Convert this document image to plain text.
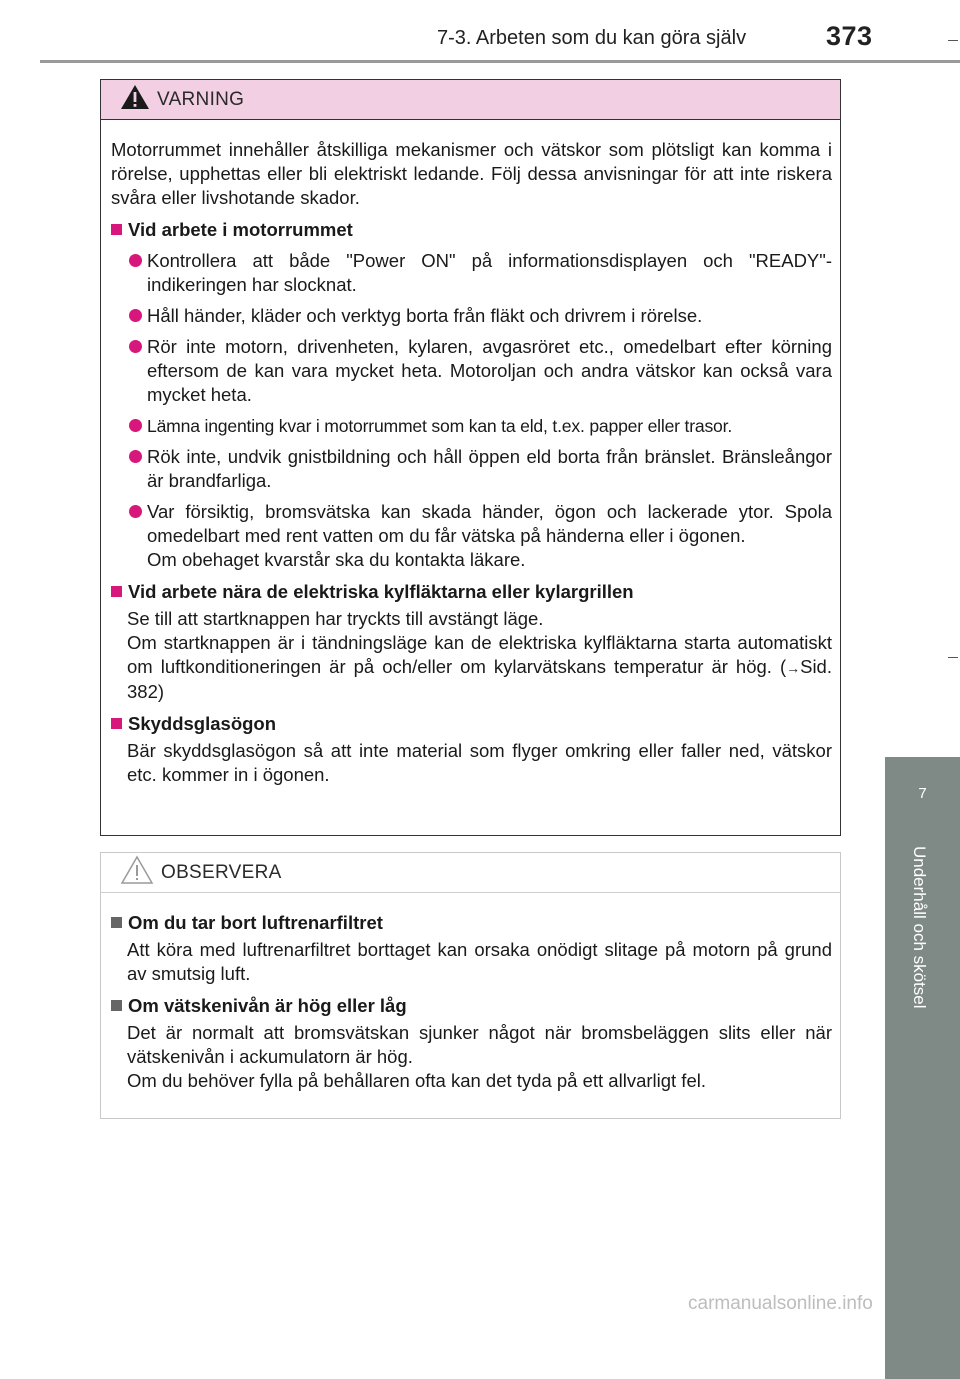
7-3. Arbeten som du kan göra själv	373
7
Underhåll och skötsel
VARNING

Motorrummet innehåller åtskilliga mekanismer och vätskor som plötsligt kan komma i rörelse, upphettas eller bli elektriskt ledande. Följ dessa anvisningar för att inte riskera svåra eller livshotande skador.

Vid arbete i motorrummet
Kontrollera att både "Power ON" på informationsdisplayen och "READY"-indikeringen har slocknat.
Håll händer, kläder och verktyg borta från fläkt och drivrem i rörelse.
Rör inte motorn, drivenheten, kylaren, avgasröret etc., omedelbart efter körning eftersom de kan vara mycket heta. Motoroljan och andra vätskor kan också vara mycket heta.
Lämna ingenting kvar i motorrummet som kan ta eld, t.ex. papper eller trasor.
Rök inte, undvik gnistbildning och håll öppen eld borta från bränslet. Bränsleångor är brandfarliga.
Var försiktig, bromsvätska kan skada händer, ögon och lackerade ytor. Spola omedelbart med rent vatten om du får vätska på händerna eller i ögonen.
Om obehaget kvarstår ska du kontakta läkare.
Vid arbete nära de elektriska kylfläktarna eller kylargrillen
Se till att startknappen har tryckts till avstängt läge.
Om startknappen är i tändningsläge kan de elektriska kylfläktarna starta automatiskt om luftkonditioneringen är på och/eller om kylarvätskans temperatur är hög. (→Sid. 382)
Skyddsglasögon
Bär skyddsglasögon så att inte material som flyger omkring eller faller ned, vätskor etc. kommer in i ögonen.
OBSERVERA
Om du tar bort luftrenarfiltret
Att köra med luftrenarfiltret borttaget kan orsaka onödigt slitage på motorn på grund av smutsig luft.
Om vätskenivån är hög eller låg
Det är normalt att bromsvätskan sjunker något när bromsbeläggen slits eller när vätskenivån i ackumulatorn är hög.
Om du behöver fylla på behållaren ofta kan det tyda på ett allvarligt fel.
carmanualsonline.info
